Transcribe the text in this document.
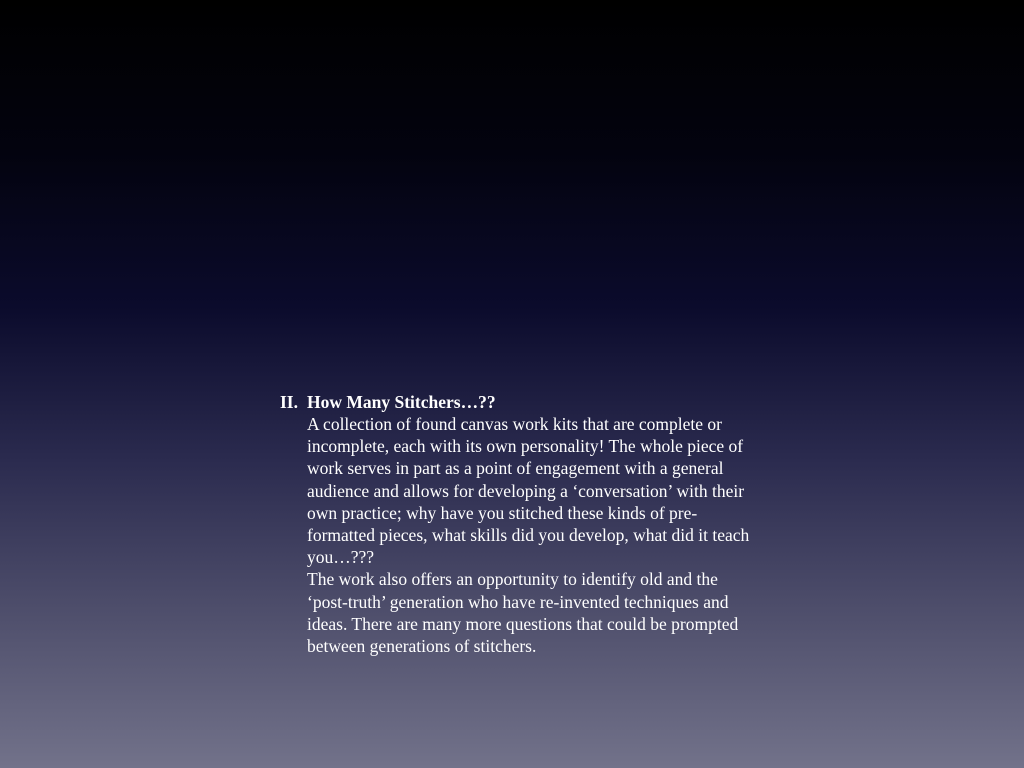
II. How Many Stitchers…??
A collection of found canvas work kits that are complete or
incomplete, each with its own personality! The whole piece of
work serves in part as a point of engagement with a general
audience and allows for developing a ‘conversation’ with their
own practice; why have you stitched these kinds of pre-
formatted pieces, what skills did you develop, what did it teach
you…???
The work also offers an opportunity to identify old and the
‘post-truth’ generation who have re-invented techniques and
ideas. There are many more questions that could be prompted
between generations of stitchers.
